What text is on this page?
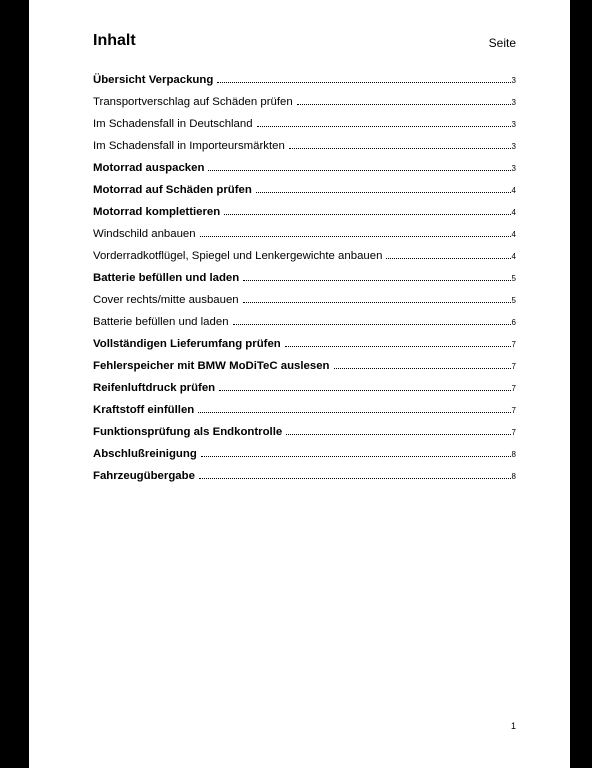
Inhalt	Seite
Übersicht Verpackung	3
Transportverschlag auf Schäden prüfen	3
Im Schadensfall in Deutschland	3
Im Schadensfall in Importeursmärkten	3
Motorrad auspacken	3
Motorrad auf Schäden prüfen	4
Motorrad komplettieren	4
Windschild anbauen	4
Vorderradkotflügel, Spiegel und Lenkergewichte anbauen	4
Batterie befüllen und laden	5
Cover rechts/mitte ausbauen	5
Batterie befüllen und laden	6
Vollständigen Lieferumfang prüfen	7
Fehlerspeicher mit BMW MoDiTeC auslesen	7
Reifenluftdruck prüfen	7
Kraftstoff einfüllen	7
Funktionsprüfung als Endkontrolle	7
Abschlußreinigung	8
Fahrzeugübergabe	8
1
